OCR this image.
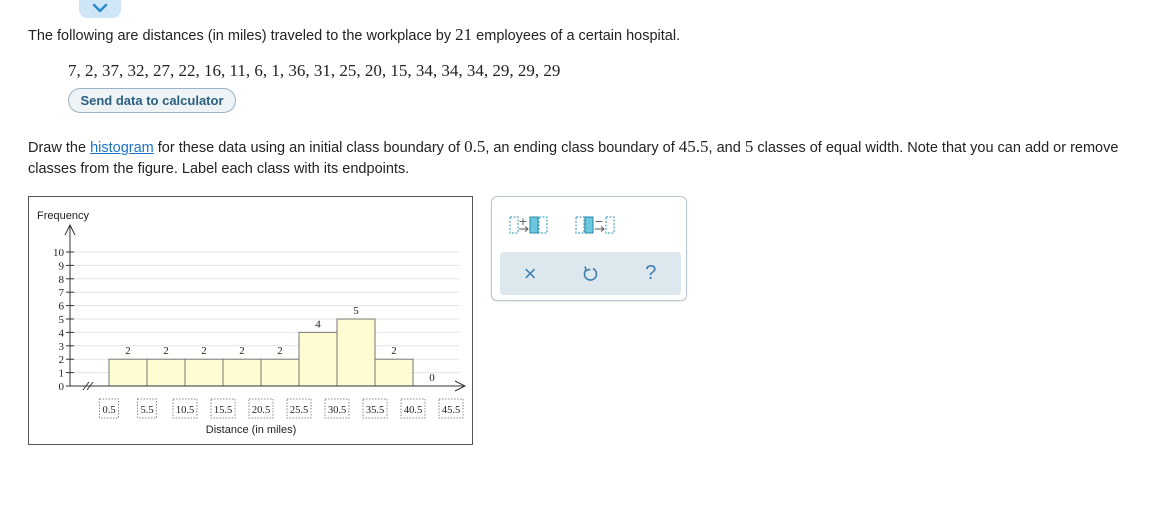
The following are distances (in miles) traveled to the workplace by 21 employees of a certain hospital.
7, 2, 37, 32, 27, 22, 16, 11, 6, 1, 36, 31, 25, 20, 15, 34, 34, 34, 29, 29, 29
Send data to calculator
Draw the histogram for these data using an initial class boundary of 0.5, an ending class boundary of 45.5, and 5 classes of equal width. Note that you can add or remove classes from the figure. Label each class with its endpoints.
2	2	2	2	2
4
5
2
0
0
1
2
3
4
5
6
7
8
9
10
0.5 5.5 10.5 15.5 20.5 25.5 30.5 35.5 40.5 45.5
Frequency
Distance (in miles)
+	−
×	?
